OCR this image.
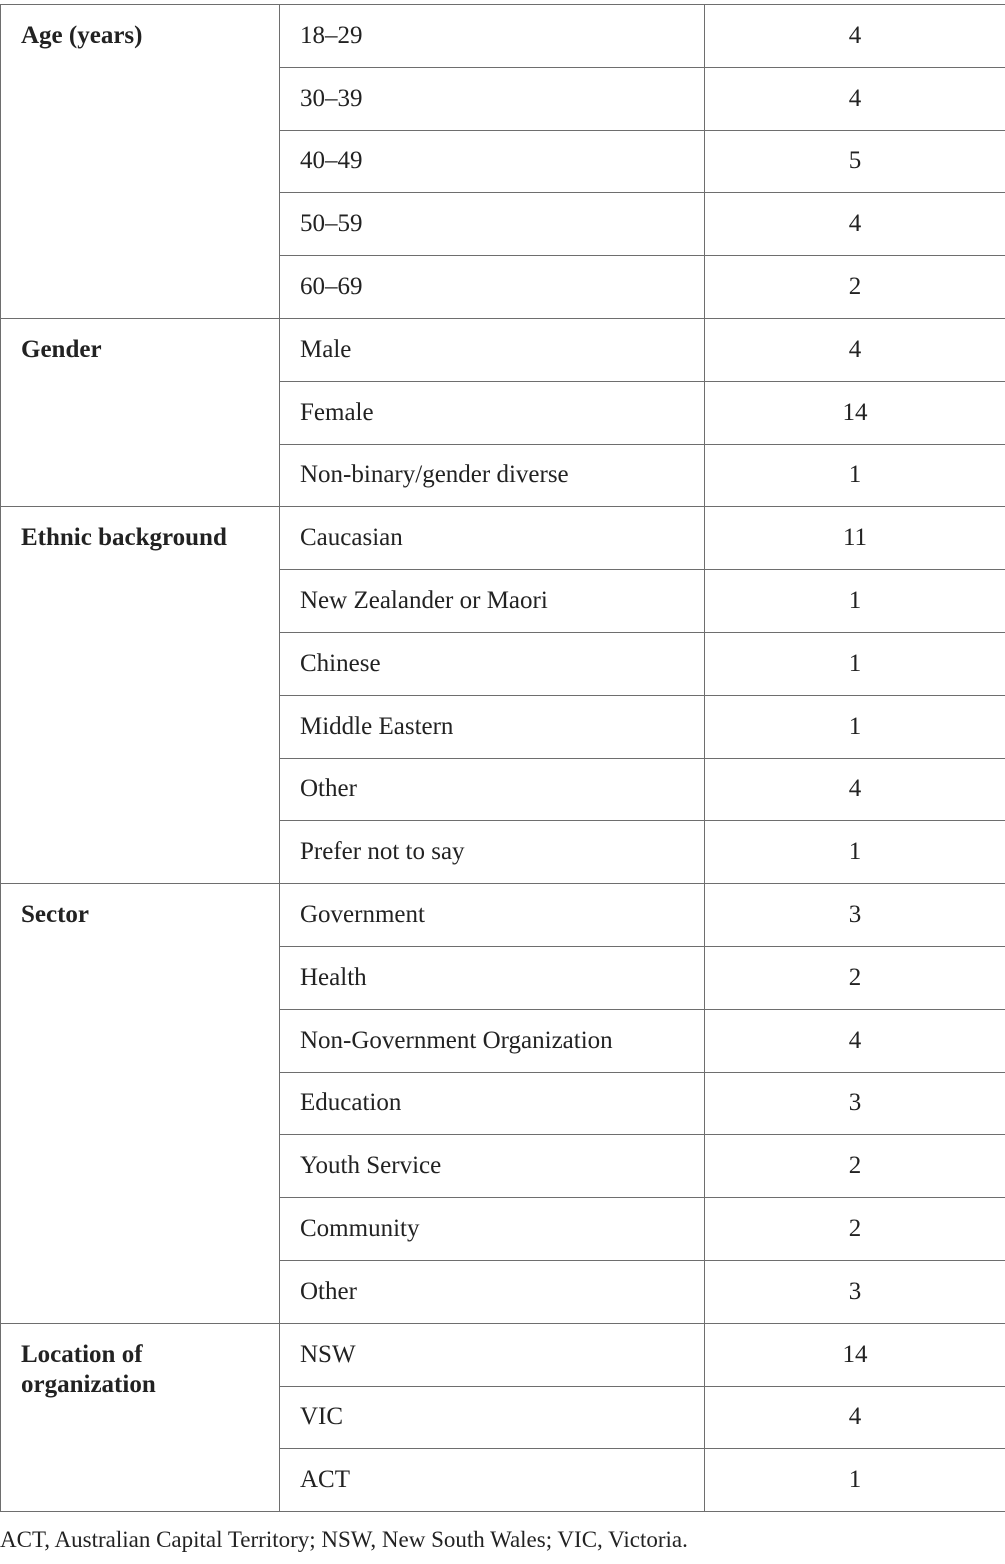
Age (years)	18–29	4
	30–39	4
	40–49	5
	50–59	4
	60–69	2
Gender	Male	4
	Female	14
	Non-binary/gender diverse	1
Ethnic background	Caucasian	11
	New Zealander or Maori	1
	Chinese	1
	Middle Eastern	1
	Other	4
	Prefer not to say	1
Sector	Government	3
	Health	2
	Non-Government Organization	4
	Education	3
	Youth Service	2
	Community	2
	Other	3
Location of organization	NSW	14
	VIC	4
	ACT	1
ACT, Australian Capital Territory; NSW, New South Wales; VIC, Victoria.
